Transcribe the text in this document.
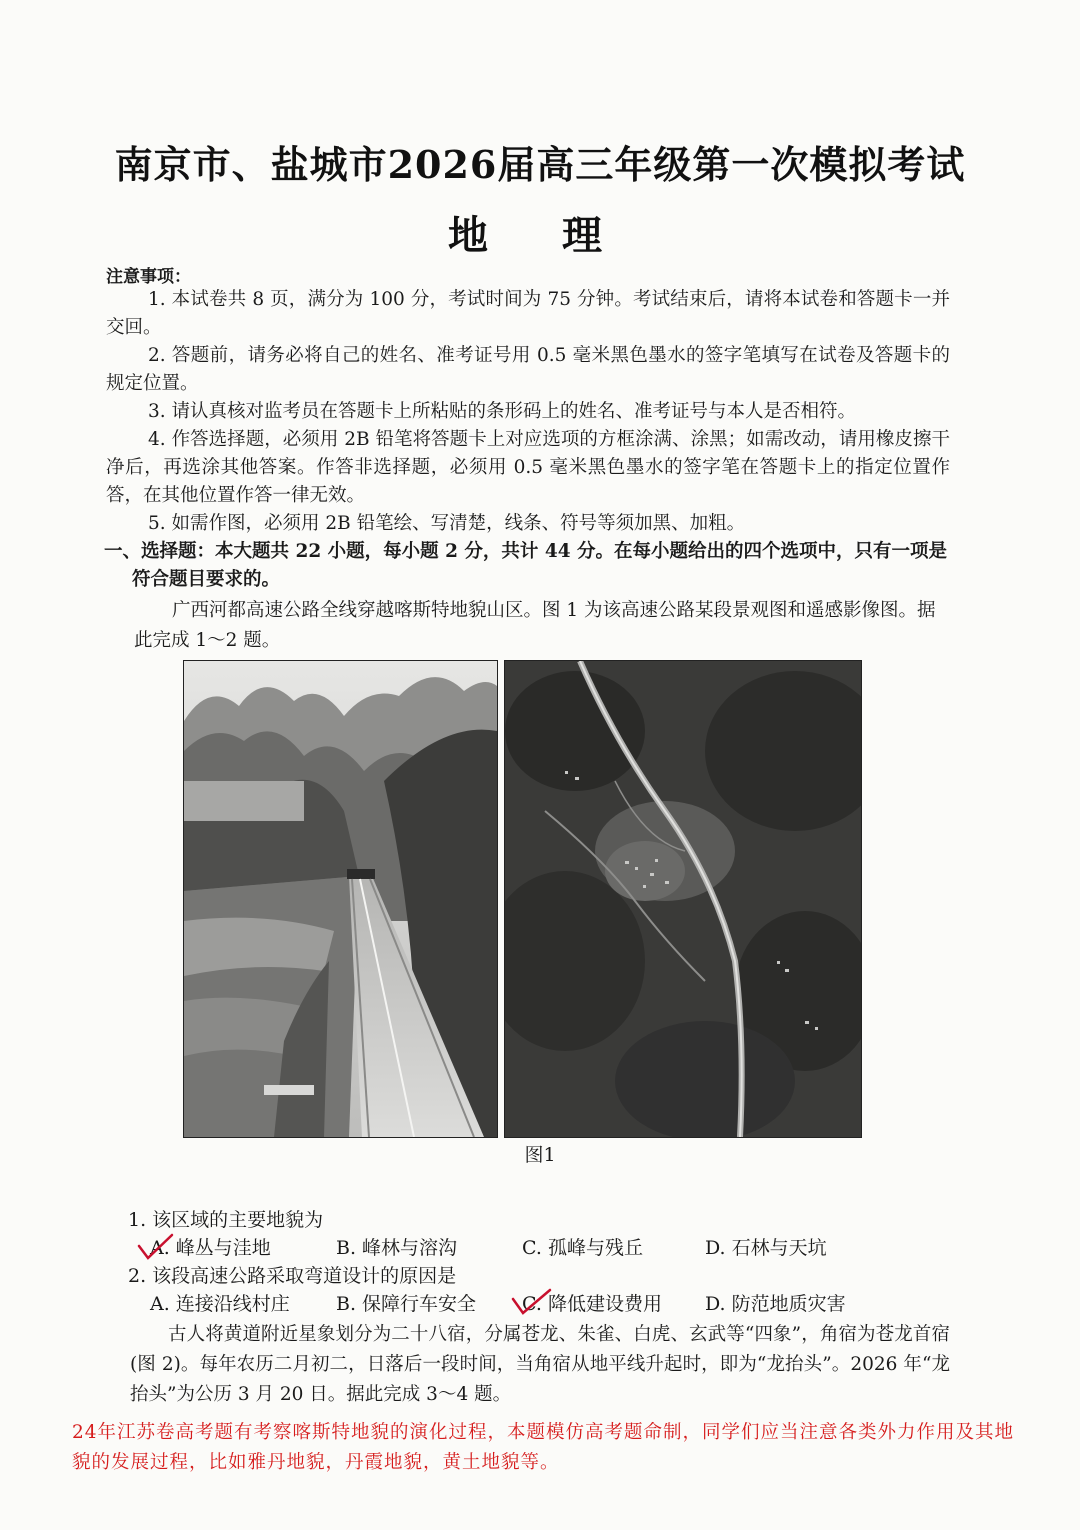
南京市、盐城市2026届高三年级第一次模拟考试
地 理
注意事项：
1. 本试卷共 8 页，满分为 100 分，考试时间为 75 分钟。考试结束后，请将本试卷和答题卡一并交回。
2. 答题前，请务必将自己的姓名、准考证号用 0.5 毫米黑色墨水的签字笔填写在试卷及答题卡的规定位置。
3. 请认真核对监考员在答题卡上所粘贴的条形码上的姓名、准考证号与本人是否相符。
4. 作答选择题，必须用 2B 铅笔将答题卡上对应选项的方框涂满、涂黑；如需改动，请用橡皮擦干净后，再选涂其他答案。作答非选择题，必须用 0.5 毫米黑色墨水的签字笔在答题卡上的指定位置作答，在其他位置作答一律无效。
5. 如需作图，必须用 2B 铅笔绘、写清楚，线条、符号等须加黑、加粗。
一、选择题：本大题共 22 小题，每小题 2 分，共计 44 分。在每小题给出的四个选项中，只有一项是
符合题目要求的。
广西河都高速公路全线穿越喀斯特地貌山区。图 1 为该高速公路某段景观图和遥感影像图。据此完成 1～2 题。
图1
1. 该区域的主要地貌为
A. 峰丛与洼地	B. 峰林与溶沟	C. 孤峰与残丘	D. 石林与天坑
2. 该段高速公路采取弯道设计的原因是
A. 连接沿线村庄 B. 保障行车安全 C. 降低建设费用 D. 防范地质灾害
古人将黄道附近星象划分为二十八宿，分属苍龙、朱雀、白虎、玄武等“四象”，角宿为苍龙首宿(图 2)。每年农历二月初二，日落后一段时间，当角宿从地平线升起时，即为“龙抬头”。2026 年“龙抬头”为公历 3 月 20 日。据此完成 3～4 题。
24年江苏卷高考题有考察喀斯特地貌的演化过程，本题模仿高考题命制，同学们应当注意各类外力作用及其地貌的发展过程，比如雅丹地貌，丹霞地貌，黄土地貌等。
